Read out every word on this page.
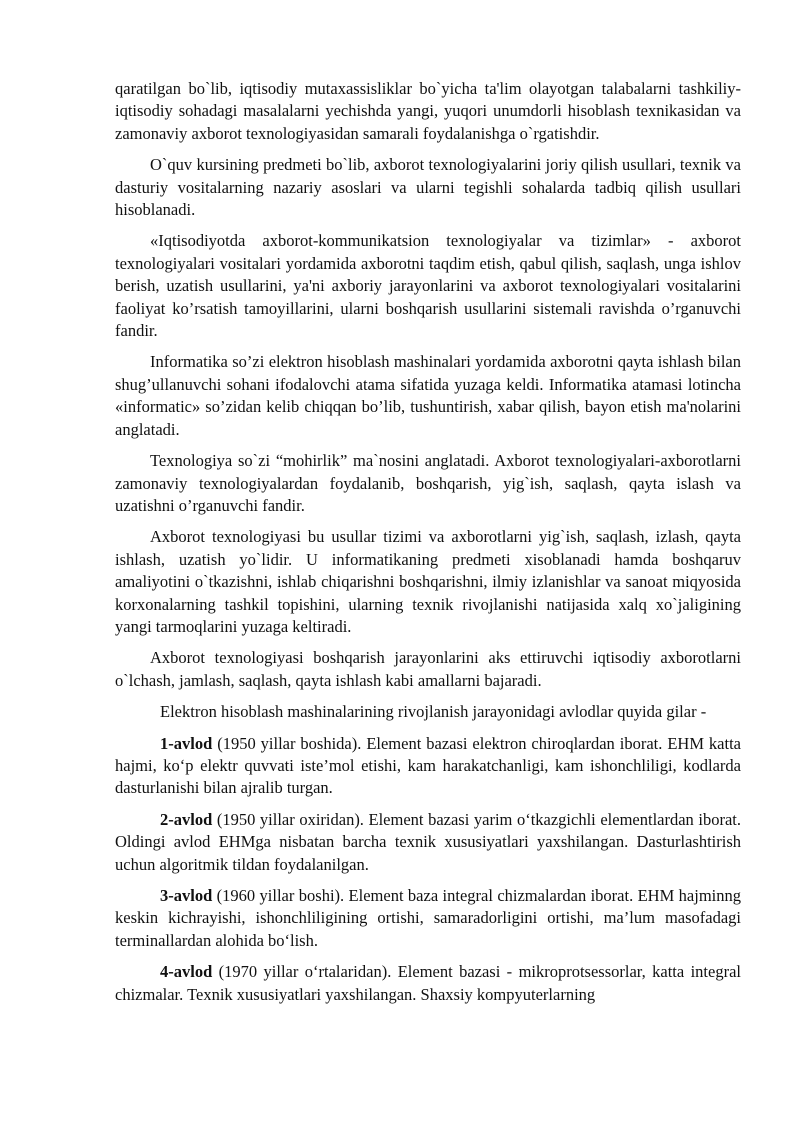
qaratilgan bo`lib, iqtisodiy mutaxassisliklar bo`yicha ta'lim olayotgan talabalarni tashkiliy-iqtisodiy sohadagi masalalarni yechishda yangi, yuqori unumdorli hisoblash texnikasidan va zamonaviy axborot texnologiyasidan samarali foydalanishga o`rgatishdir.

O`quv kursining predmeti bo`lib, axborot texnologiyalarini joriy qilish usullari, texnik va dasturiy vositalarning nazariy asoslari va ularni tegishli sohalarda tadbiq qilish usullari hisoblanadi.

«Iqtisodiyotda axborot-kommunikatsion texnologiyalar va tizimlar» - axborot texnologiyalari vositalari yordamida axborotni taqdim etish, qabul qilish, saqlash, unga ishlov berish, uzatish usullarini, ya'ni axboriy jarayonlarini va axborot texnologiyalari vositalarini faoliyat ko’rsatish tamoyillarini, ularni boshqarish usullarini sistemali ravishda o’rganuvchi fandir.

Informatika so’zi elektron hisoblash mashinalari yordamida axborotni qayta ishlash bilan shug’ullanuvchi sohani ifodalovchi atama sifatida yuzaga keldi. Informatika atamasi lotincha «informatic» so’zidan kelib chiqqan bo’lib, tushuntirish, xabar qilish, bayon etish ma'nolarini anglatadi.

Texnologiya so`zi “mohirlik” ma`nosini anglatadi. Axborot texnologiyalari-axborotlarni zamonaviy texnologiyalardan foydalanib, boshqarish, yig`ish, saqlash, qayta islash va uzatishni o’rganuvchi fandir.

Axborot texnologiyasi bu usullar tizimi va axborotlarni yig`ish, saqlash, izlash, qayta ishlash, uzatish yo`lidir. U informatikaning predmeti xisoblanadi hamda boshqaruv amaliyotini o`tkazishni, ishlab chiqarishni boshqarishni, ilmiy izlanishlar va sanoat miqyosida korxonalarning tashkil topishini, ularning texnik rivojlanishi natijasida xalq xo`jaligining yangi tarmoqlarini yuzaga keltiradi.

Axborot texnologiyasi boshqarish jarayonlarini aks ettiruvchi iqtisodiy axborotlarni o`lchash, jamlash, saqlash, qayta ishlash kabi amallarni bajaradi.

Elektron hisoblash mashinalarining rivojlanish jarayonidagi avlodlar quyida gilar -

1-avlod (1950 yillar boshida). Element bazasi elektron chiroqlardan iborat. EHM katta hajmi, ko‘p elektr quvvati iste’mol etishi, kam harakatchanligi, kam ishonchliligi, kodlarda dasturlanishi bilan ajralib turgan.

2-avlod (1950 yillar oxiridan). Element bazasi yarim o‘tkazgichli elementlardan iborat. Oldingi avlod EHMga nisbatan barcha texnik xususiyatlari yaxshilangan. Dasturlashtirish uchun algoritmik tildan foydalanilgan.

3-avlod (1960 yillar boshi). Element baza integral chizmalardan iborat. EHM hajminng keskin kichrayishi, ishonchliligining ortishi, samaradorligini ortishi, ma’lum masofadagi terminallardan alohida bo‘lish.

4-avlod (1970 yillar o‘rtalaridan). Element bazasi - mikroprotsessorlar, katta integral chizmalar. Texnik xususiyatlari yaxshilangan. Shaxsiy kompyuterlarning
